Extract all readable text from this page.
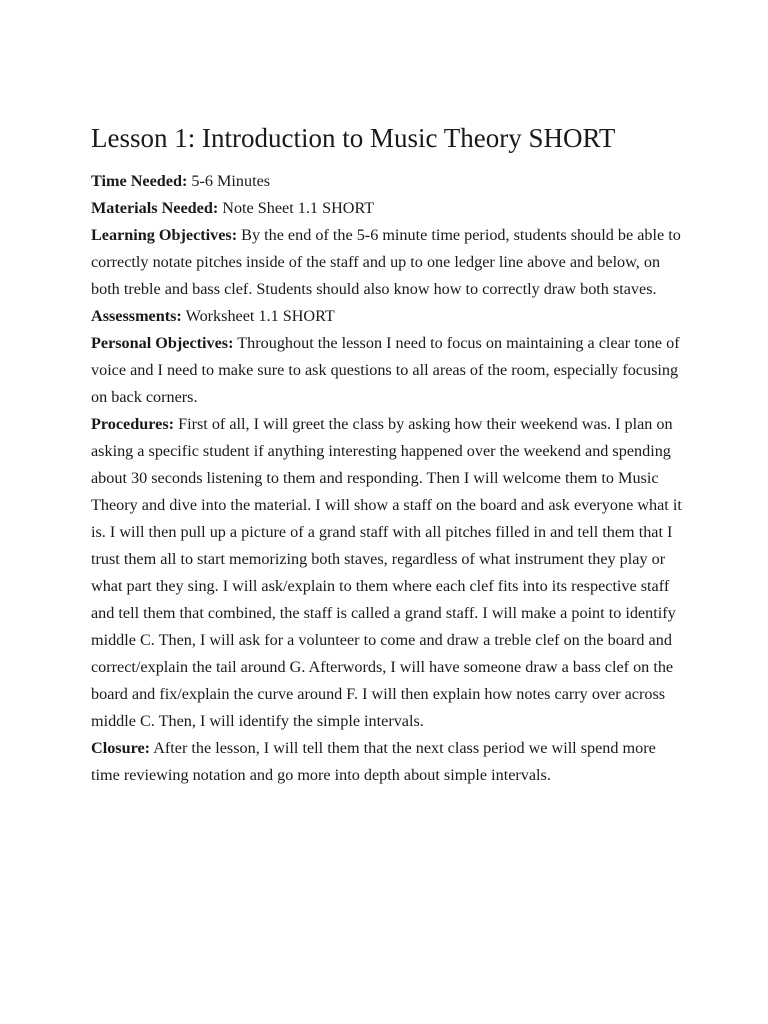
Lesson 1: Introduction to Music Theory SHORT

Time Needed: 5-6 Minutes

Materials Needed: Note Sheet 1.1 SHORT

Learning Objectives: By the end of the 5-6 minute time period, students should be able to correctly notate pitches inside of the staff and up to one ledger line above and below, on both treble and bass clef. Students should also know how to correctly draw both staves.

Assessments: Worksheet 1.1 SHORT

Personal Objectives: Throughout the lesson I need to focus on maintaining a clear tone of voice and I need to make sure to ask questions to all areas of the room, especially focusing on back corners.

Procedures: First of all, I will greet the class by asking how their weekend was. I plan on asking a specific student if anything interesting happened over the weekend and spending about 30 seconds listening to them and responding. Then I will welcome them to Music Theory and dive into the material. I will show a staff on the board and ask everyone what it is. I will then pull up a picture of a grand staff with all pitches filled in and tell them that I trust them all to start memorizing both staves, regardless of what instrument they play or what part they sing. I will ask/explain to them where each clef fits into its respective staff and tell them that combined, the staff is called a grand staff. I will make a point to identify middle C. Then, I will ask for a volunteer to come and draw a treble clef on the board and correct/explain the tail around G. Afterwords, I will have someone draw a bass clef on the board and fix/explain the curve around F. I will then explain how notes carry over across middle C. Then, I will identify the simple intervals.

Closure: After the lesson, I will tell them that the next class period we will spend more time reviewing notation and go more into depth about simple intervals.
